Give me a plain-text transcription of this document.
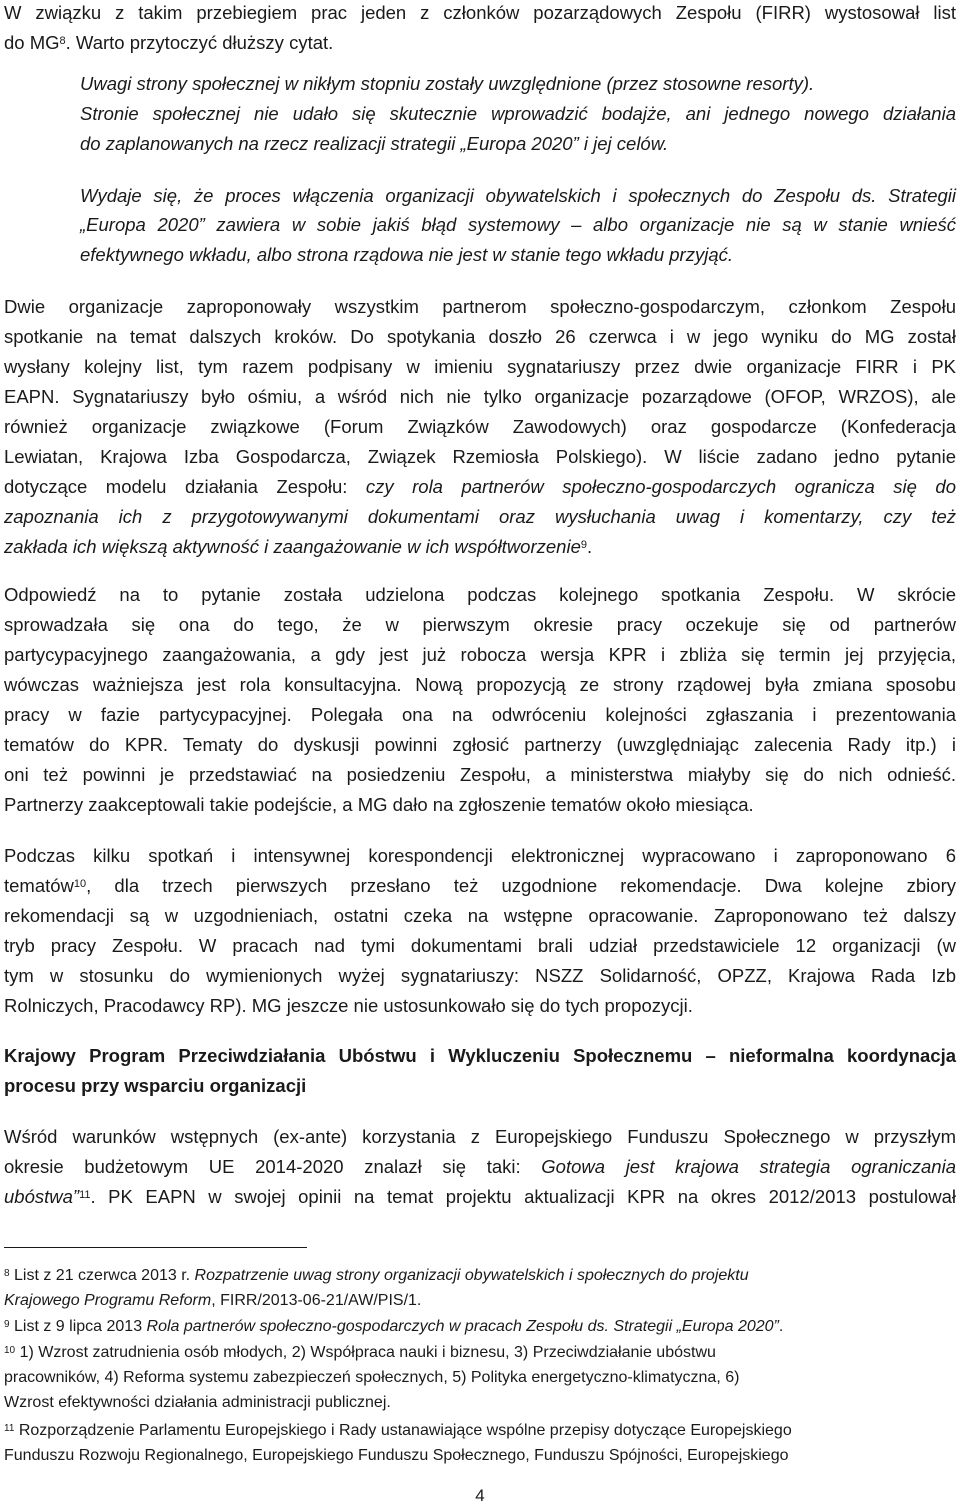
W związku z takim przebiegiem prac jeden z członków pozarządowych Zespołu (FIRR) wystosował list
do $MG^8$. Warto przytoczyć dłuższy cytat.
Uwagi strony społecznej w nikłym stopniu zostały uwzględnione (przez stosowne resorty).
Stronie społecznej nie udało się skutecznie wprowadzić bodajże, ani jednego nowego działania
do zaplanowanych na rzecz realizacji strategii „Europa 2020” i jej celów.
Wydaje się, że proces włączenia organizacji obywatelskich i społecznych do Zespołu ds. Strategii
„Europa 2020” zawiera w sobie jakiś błąd systemowy – albo organizacje nie są w stanie wnieść
efektywnego wkładu, albo strona rządowa nie jest w stanie tego wkładu przyjąć.
Dwie organizacje zaproponowały wszystkim partnerom społeczno-gospodarczym, członkom Zespołu
spotkanie na temat dalszych kroków. Do spotykania doszło 26 czerwca i w jego wyniku do MG został
wysłany kolejny list, tym razem podpisany w imieniu sygnatariuszy przez dwie organizacje FIRR i PK
EAPN. Sygnatariuszy było ośmiu, a wśród nich nie tylko organizacje pozarządowe (OFOP, WRZOS), ale
również organizacje związkowe (Forum Związków Zawodowych) oraz gospodarcze (Konfederacja
Lewiatan, Krajowa Izba Gospodarcza, Związek Rzemiosła Polskiego). W liście zadano jedno pytanie
dotyczące modelu działania Zespołu: czy rola partnerów społeczno-gospodarczych ogranicza się do
zapoznania ich z przygotowywanymi dokumentami oraz wysłuchania uwag i komentarzy, czy też
zakłada ich większą aktywność i zaangażowanie w ich współtworzenie$^9$.
Odpowiedź na to pytanie została udzielona podczas kolejnego spotkania Zespołu. W skrócie
sprowadzała się ona do tego, że w pierwszym okresie pracy oczekuje się od partnerów
partycypacyjnego zaangażowania, a gdy jest już robocza wersja KPR i zbliża się termin jej przyjęcia,
wówczas ważniejsza jest rola konsultacyjna. Nową propozycją ze strony rządowej była zmiana sposobu
pracy w fazie partycypacyjnej. Polegała ona na odwróceniu kolejności zgłaszania i prezentowania
tematów do KPR. Tematy do dyskusji powinni zgłosić partnerzy (uwzględniając zalecenia Rady itp.) i
oni też powinni je przedstawiać na posiedzeniu Zespołu, a ministerstwa miałyby się do nich odnieść.
Partnerzy zaakceptowali takie podejście, a MG dało na zgłoszenie tematów około miesiąca.
Podczas kilku spotkań i intensywnej korespondencji elektronicznej wypracowano i zaproponowano 6
tematów$^{10}$, dla trzech pierwszych przesłano też uzgodnione rekomendacje. Dwa kolejne zbiory
rekomendacji są w uzgodnieniach, ostatni czeka na wstępne opracowanie. Zaproponowano też dalszy
tryb pracy Zespołu. W pracach nad tymi dokumentami brali udział przedstawiciele 12 organizacji (w
tym w stosunku do wymienionych wyżej sygnatariuszy: NSZZ Solidarność, OPZZ, Krajowa Rada Izb
Rolniczych, Pracodawcy RP). MG jeszcze nie ustosunkowało się do tych propozycji.
Krajowy Program Przeciwdziałania Ubóstwu i Wykluczeniu Społecznemu – nieformalna koordynacja
procesu przy wsparciu organizacji
Wśród warunków wstępnych (ex-ante) korzystania z Europejskiego Funduszu Społecznego w przyszłym
okresie budżetowym UE 2014-2020 znalazł się taki: Gotowa jest krajowa strategia ograniczania
ubóstwa”$^{11}$. PK EAPN w swojej opinii na temat projektu aktualizacji KPR na okres 2012/2013 postulował
$^8$ List z 21 czerwca 2013 r. Rozpatrzenie uwag strony organizacji obywatelskich i społecznych do projektu
Krajowego Programu Reform, FIRR/2013-06-21/AW/PIS/1.
$^9$ List z 9 lipca 2013 Rola partnerów społeczno-gospodarczych w pracach Zespołu ds. Strategii „Europa 2020”.
$^{10}$ 1) Wzrost zatrudnienia osób młodych, 2) Współpraca nauki i biznesu, 3) Przeciwdziałanie ubóstwu
pracowników, 4) Reforma systemu zabezpieczeń społecznych, 5) Polityka energetyczno-klimatyczna, 6)
Wzrost efektywności działania administracji publicznej.
$^{11}$ Rozporządzenie Parlamentu Europejskiego i Rady ustanawiające wspólne przepisy dotyczące Europejskiego
Funduszu Rozwoju Regionalnego, Europejskiego Funduszu Społecznego, Funduszu Spójności, Europejskiego
4
